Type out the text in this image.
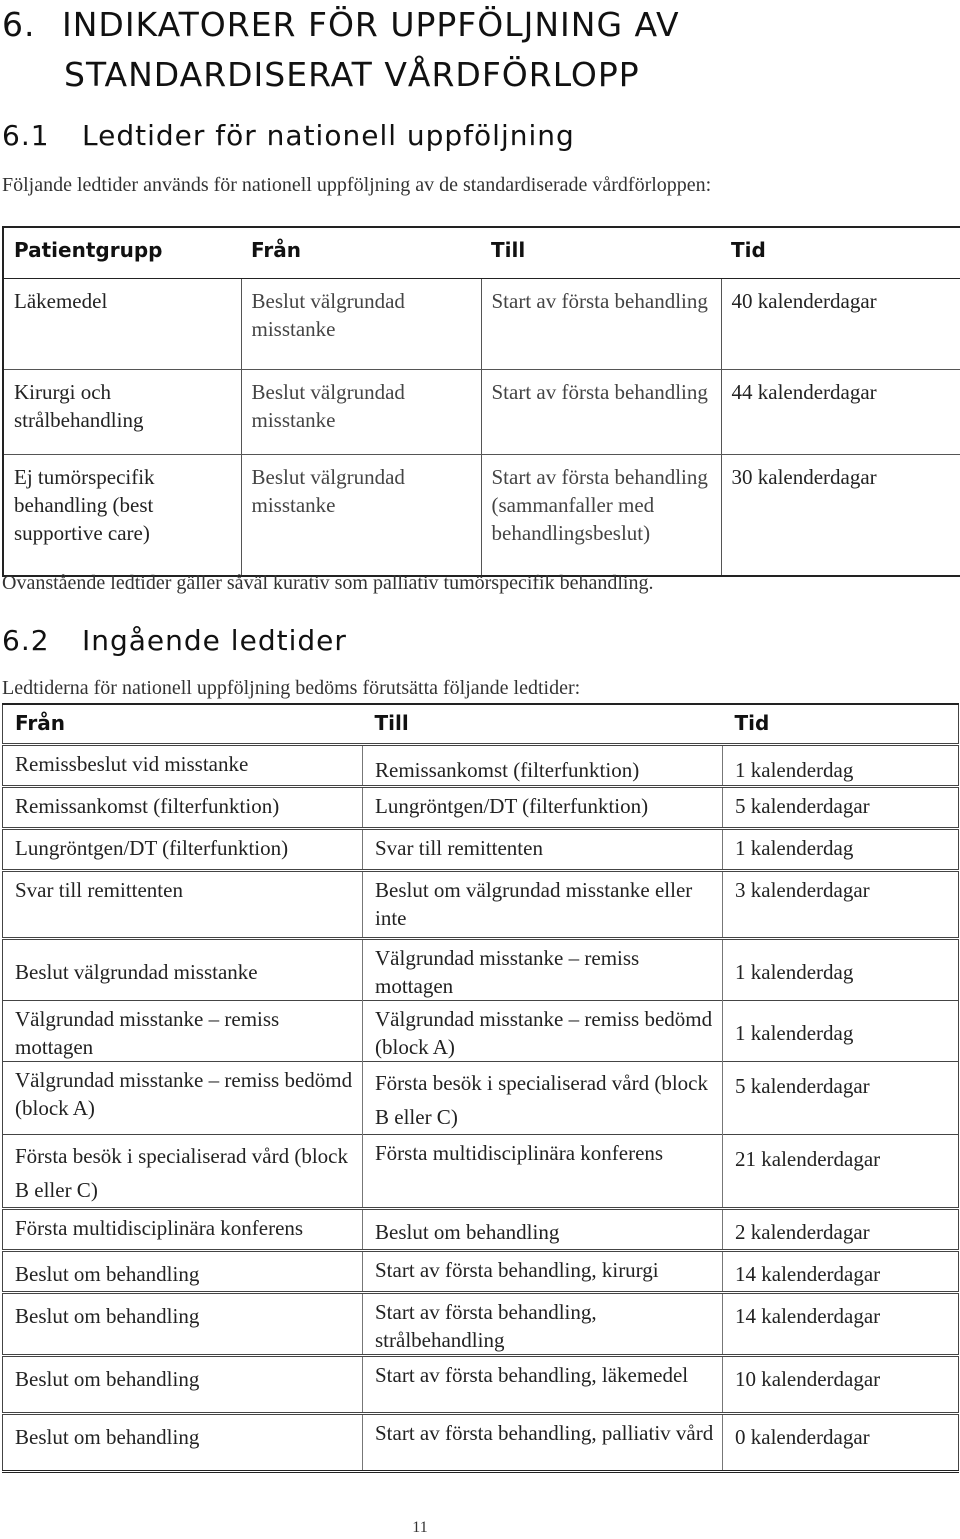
6. INDIKATORER FÖR UPPFÖLJNING AV
STANDARDISERAT VÅRDFÖRLOPP
6.1 Ledtider för nationell uppföljning

Följande ledtider används för nationell uppföljning av de standardiserade vårdförloppen:

Patientgrupp	Från	Till	Tid
Läkemedel	Beslut välgrundad misstanke	Start av första behandling	40 kalenderdagar
Kirurgi och strålbehandling	Beslut välgrundad misstanke	Start av första behandling	44 kalenderdagar
Ej tumörspecifik behandling (best supportive care)	Beslut välgrundad misstanke	Start av första behandling (sammanfaller med behandlingsbeslut)	30 kalenderdagar

Ovanstående ledtider gäller såväl kurativ som palliativ tumörspecifik behandling.

6.2 Ingående ledtider

Ledtiderna för nationell uppföljning bedöms förutsätta följande ledtider:

Från	Till	Tid
Remissbeslut vid misstanke	Remissankomst (filterfunktion)	1 kalenderdag
Remissankomst (filterfunktion)	Lungröntgen/DT (filterfunktion)	5 kalenderdagar
Lungröntgen/DT (filterfunktion)	Svar till remittenten	1 kalenderdag
Svar till remittenten	Beslut om välgrundad misstanke eller inte	3 kalenderdagar
Beslut välgrundad misstanke	Välgrundad misstanke – remiss mottagen	1 kalenderdag
Välgrundad misstanke – remiss mottagen	Välgrundad misstanke – remiss bedömd (block A)	1 kalenderdag
Välgrundad misstanke – remiss bedömd (block A)	Första besök i specialiserad vård (block B eller C)	5 kalenderdagar
Första besök i specialiserad vård (block B eller C)	Första multidisciplinära konferens	21 kalenderdagar
Första multidisciplinära konferens	Beslut om behandling	2 kalenderdagar
Beslut om behandling	Start av första behandling, kirurgi	14 kalenderdagar
Beslut om behandling	Start av första behandling, strålbehandling	14 kalenderdagar
Beslut om behandling	Start av första behandling, läkemedel	10 kalenderdagar
Beslut om behandling	Start av första behandling, palliativ vård	0 kalenderdagar
11
